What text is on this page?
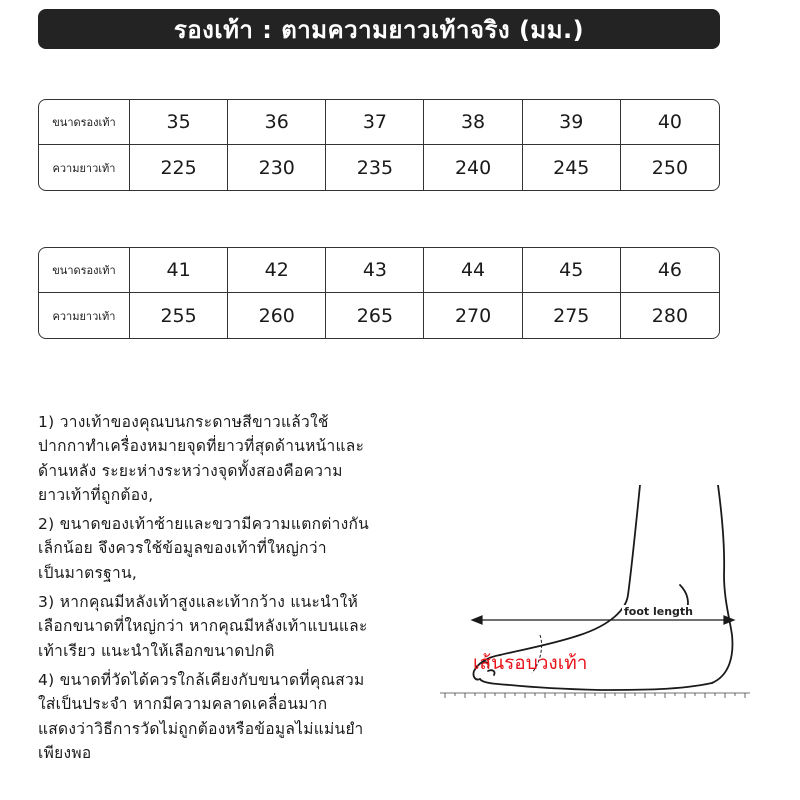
รองเท้า : ตามความยาวเท้าจริง (มม.)
ขนาดรองเท้า	35	36	37	38	39	40
ความยาวเท้า	225	230	235	240	245	250
ขนาดรองเท้า	41	42	43	44	45	46
ความยาวเท้า	255	260	265	270	275	280

1) วางเท้าของคุณบนกระดาษสีขาวแล้วใช้

ปากกาทำเครื่องหมายจุดที่ยาวที่สุดด้านหน้าและ

ด้านหลัง ระยะห่างระหว่างจุดทั้งสองคือความ

ยาวเท้าที่ถูกต้อง,

2) ขนาดของเท้าซ้ายและขวามีความแตกต่างกัน

เล็กน้อย จึงควรใช้ข้อมูลของเท้าที่ใหญ่กว่า

เป็นมาตรฐาน,

3) หากคุณมีหลังเท้าสูงและเท้ากว้าง แนะนำให้

เลือกขนาดที่ใหญ่กว่า หากคุณมีหลังเท้าแบนและ

เท้าเรียว แนะนำให้เลือกขนาดปกติ

4) ขนาดที่วัดได้ควรใกล้เคียงกับขนาดที่คุณสวม

ใส่เป็นประจำ หากมีความคลาดเคลื่อนมาก

แสดงว่าวิธีการวัดไม่ถูกต้องหรือข้อมูลไม่แม่นยำ

เพียงพอ

foot length
เส้นรอบวงเท้า
